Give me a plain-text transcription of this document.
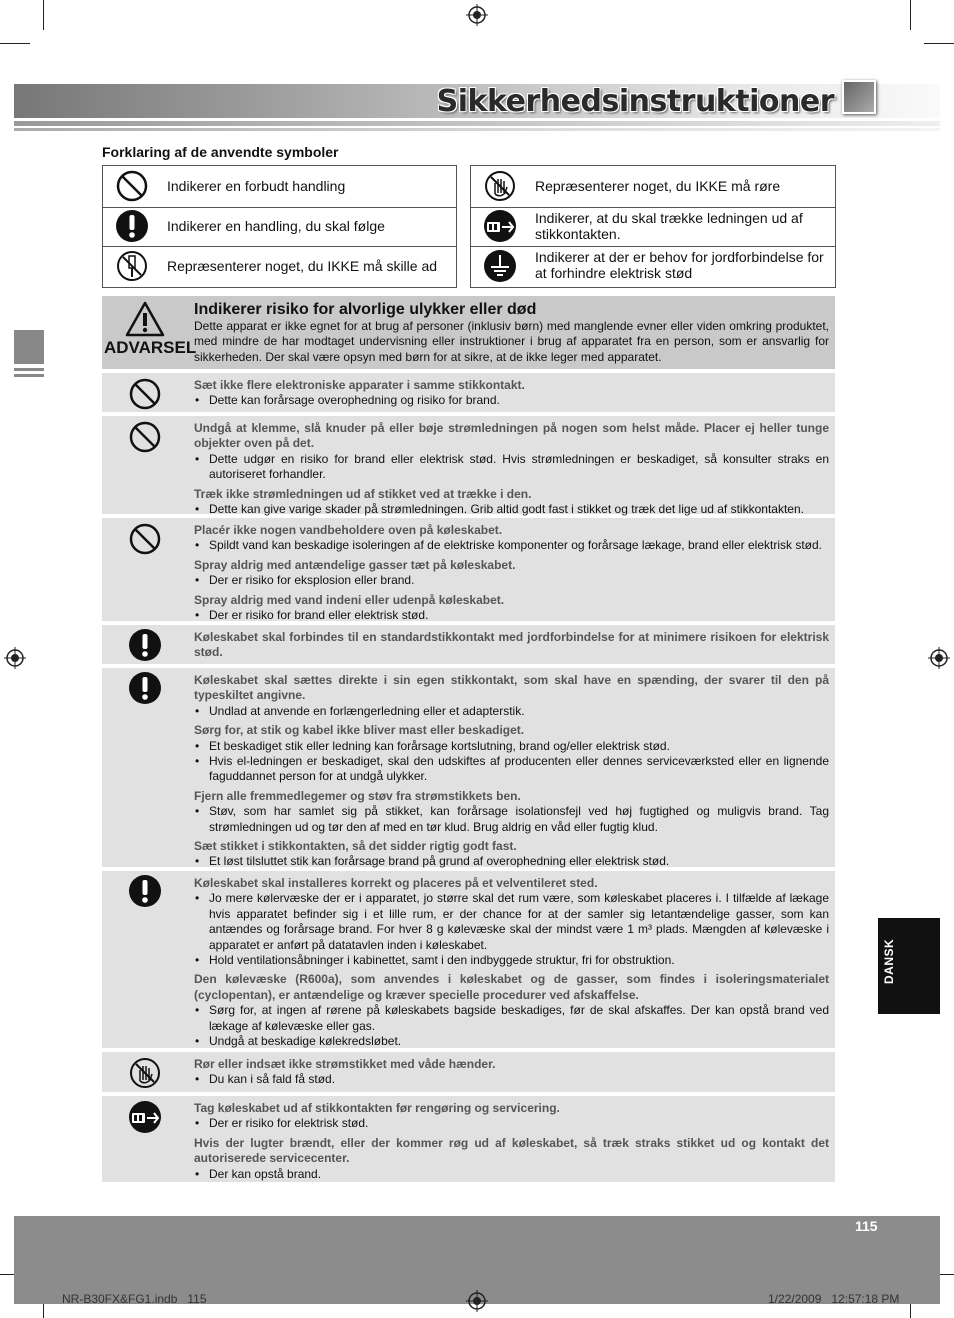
Sikkerhedsinstruktioner
DANSK
Forklaring af de anvendte symboler
Indikerer en forbudt handling
Indikerer en handling, du skal følge
Repræsenterer noget, du IKKE må skille ad
Repræsenterer noget, du IKKE må røre
Indikerer, at du skal trække ledningen ud af stikkontakten.
Indikerer at der er behov for jordforbindelse for at forhindre elektrisk stød
ADVARSEL
Indikerer risiko for alvorlige ulykker eller død
Dette apparat er ikke egnet for at brug af personer (inklusiv børn) med manglende evner eller viden omkring produktet, med mindre de har modtaget undervisning eller instruktioner i brug af apparatet fra en person, som er ansvarlig for sikkerheden. Der skal være opsyn med børn for at sikre, at de ikke leger med apparatet.
Sæt ikke flere elektroniske apparater i samme stikkontakt.
• Dette kan forårsage overophedning og risiko for brand.
Undgå at klemme, slå knuder på eller bøje strømledningen på nogen som helst måde. Placer ej heller tunge objekter oven på det.
• Dette udgør en risiko for brand eller elektrisk stød. Hvis strømledningen er beskadiget, så konsulter straks en autoriseret forhandler.
Træk ikke strømledningen ud af stikket ved at trække i den.
• Dette kan give varige skader på strømledningen. Grib altid godt fast i stikket og træk det lige ud af stikkontakten.
Placér ikke nogen vandbeholdere oven på køleskabet.
• Spildt vand kan beskadige isoleringen af de elektriske komponenter og forårsage lækage, brand eller elektrisk stød.
Spray aldrig med antændelige gasser tæt på køleskabet.
• Der er risiko for eksplosion eller brand.
Spray aldrig med vand indeni eller udenpå køleskabet.
• Der er risiko for brand eller elektrisk stød.
Køleskabet skal forbindes til en standardstikkontakt med jordforbindelse for at minimere risikoen for elektrisk stød.
Køleskabet skal sættes direkte i sin egen stikkontakt, som skal have en spænding, der svarer til den på typeskiltet angivne.
• Undlad at anvende en forlængerledning eller et adapterstik.
Sørg for, at stik og kabel ikke bliver mast eller beskadiget.
• Et beskadiget stik eller ledning kan forårsage kortslutning, brand og/eller elektrisk stød.
• Hvis el-ledningen er beskadiget, skal den udskiftes af producenten eller dennes serviceværksted eller en lignende faguddannet person for at undgå ulykker.
Fjern alle fremmedlegemer og støv fra strømstikkets ben.
• Støv, som har samlet sig på stikket, kan forårsage isolationsfejl ved høj fugtighed og muligvis brand. Tag strømledningen ud og tør den af med en tør klud. Brug aldrig en våd eller fugtig klud.
Sæt stikket i stikkontakten, så det sidder rigtig godt fast.
• Et løst tilsluttet stik kan forårsage brand på grund af overophedning eller elektrisk stød.
Køleskabet skal installeres korrekt og placeres på et velventileret sted.
• Jo mere kølervæske der er i apparatet, jo større skal det rum være, som køleskabet placeres i. I tilfælde af lækage hvis apparatet befinder sig i et lille rum, er der chance for at der samler sig letantændelige gasser, som kan antændes og forårsage brand. For hver 8 g kølevæske skal der mindst være 1 m³ plads. Mængden af kølevæske i apparatet er anført på datatavlen inden i køleskabet.
• Hold ventilationsåbninger i kabinettet, samt i den indbyggede struktur, fri for obstruktion.
Den kølevæske (R600a), som anvendes i køleskabet og de gasser, som findes i isoleringsmaterialet (cyclopentan), er antændelige og kræver specielle procedurer ved afskaffelse.
• Sørg for, at ingen af rørene på køleskabets bagside beskadiges, før de skal afskaffes. Der kan opstå brand ved lækage af kølevæske eller gas.
• Undgå at beskadige kølekredsløbet.
Rør eller indsæt ikke strømstikket med våde hænder.
• Du kan i så fald få stød.
Tag køleskabet ud af stikkontakten før rengøring og servicering.
• Der er risiko for elektrisk stød.
Hvis der lugter brændt, eller der kommer røg ud af køleskabet, så træk straks stikket ud og kontakt det autoriserede servicecenter.
• Der kan opstå brand.
115
NR-B30FX&FG1.indb   115	1/22/2009   12:57:18 PM
